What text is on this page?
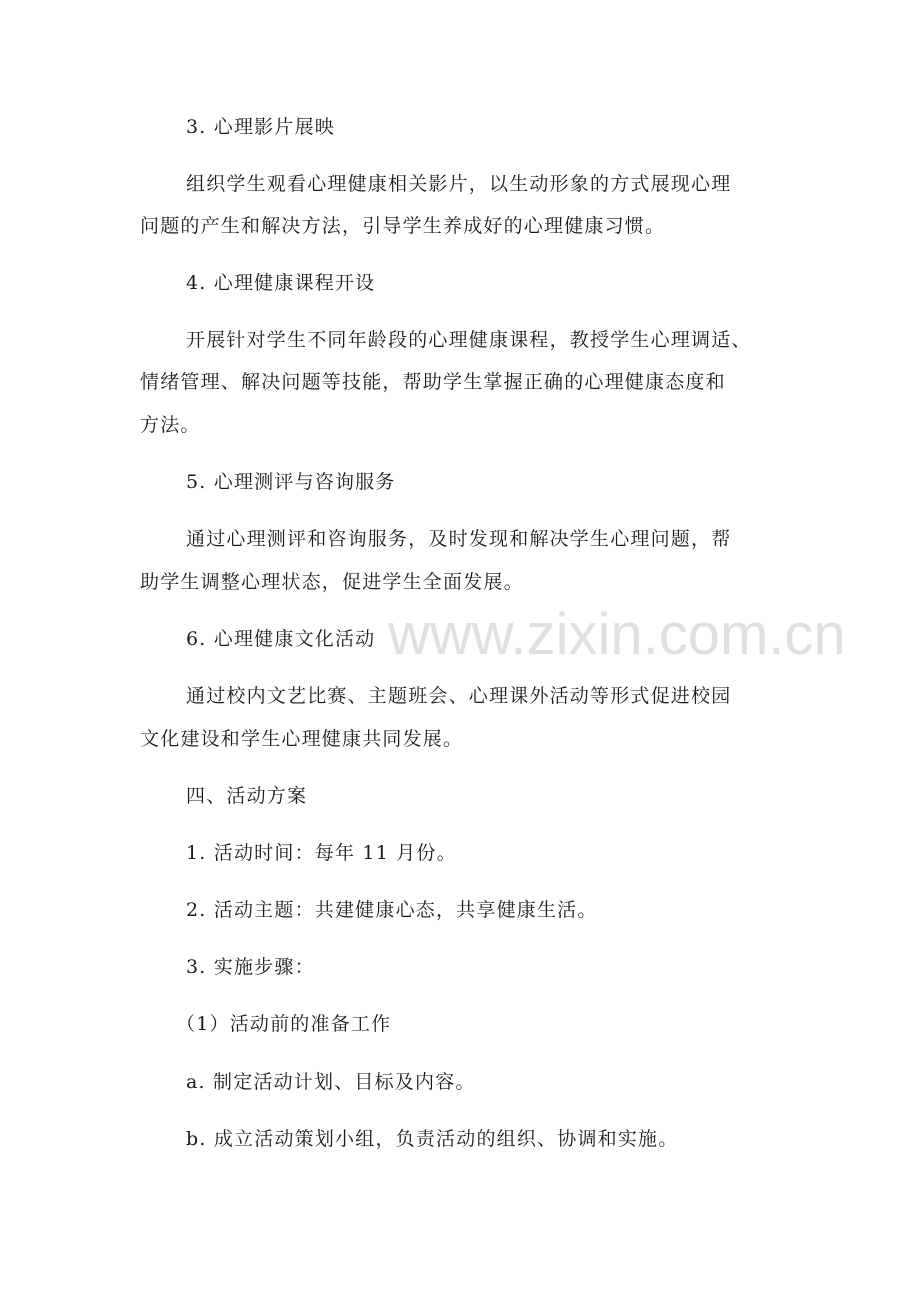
www.zixin.com.cn
3. 心理影片展映
组织学生观看心理健康相关影片，以生动形象的方式展现心理
问题的产生和解决方法，引导学生养成好的心理健康习惯。
4. 心理健康课程开设
开展针对学生不同年龄段的心理健康课程，教授学生心理调适、
情绪管理、解决问题等技能，帮助学生掌握正确的心理健康态度和
方法。
5. 心理测评与咨询服务
通过心理测评和咨询服务，及时发现和解决学生心理问题，帮
助学生调整心理状态，促进学生全面发展。
6. 心理健康文化活动
通过校内文艺比赛、主题班会、心理课外活动等形式促进校园
文化建设和学生心理健康共同发展。
四、活动方案
1. 活动时间：每年 11 月份。
2. 活动主题：共建健康心态，共享健康生活。
3. 实施步骤：
（1）活动前的准备工作
a. 制定活动计划、目标及内容。
b. 成立活动策划小组，负责活动的组织、协调和实施。
